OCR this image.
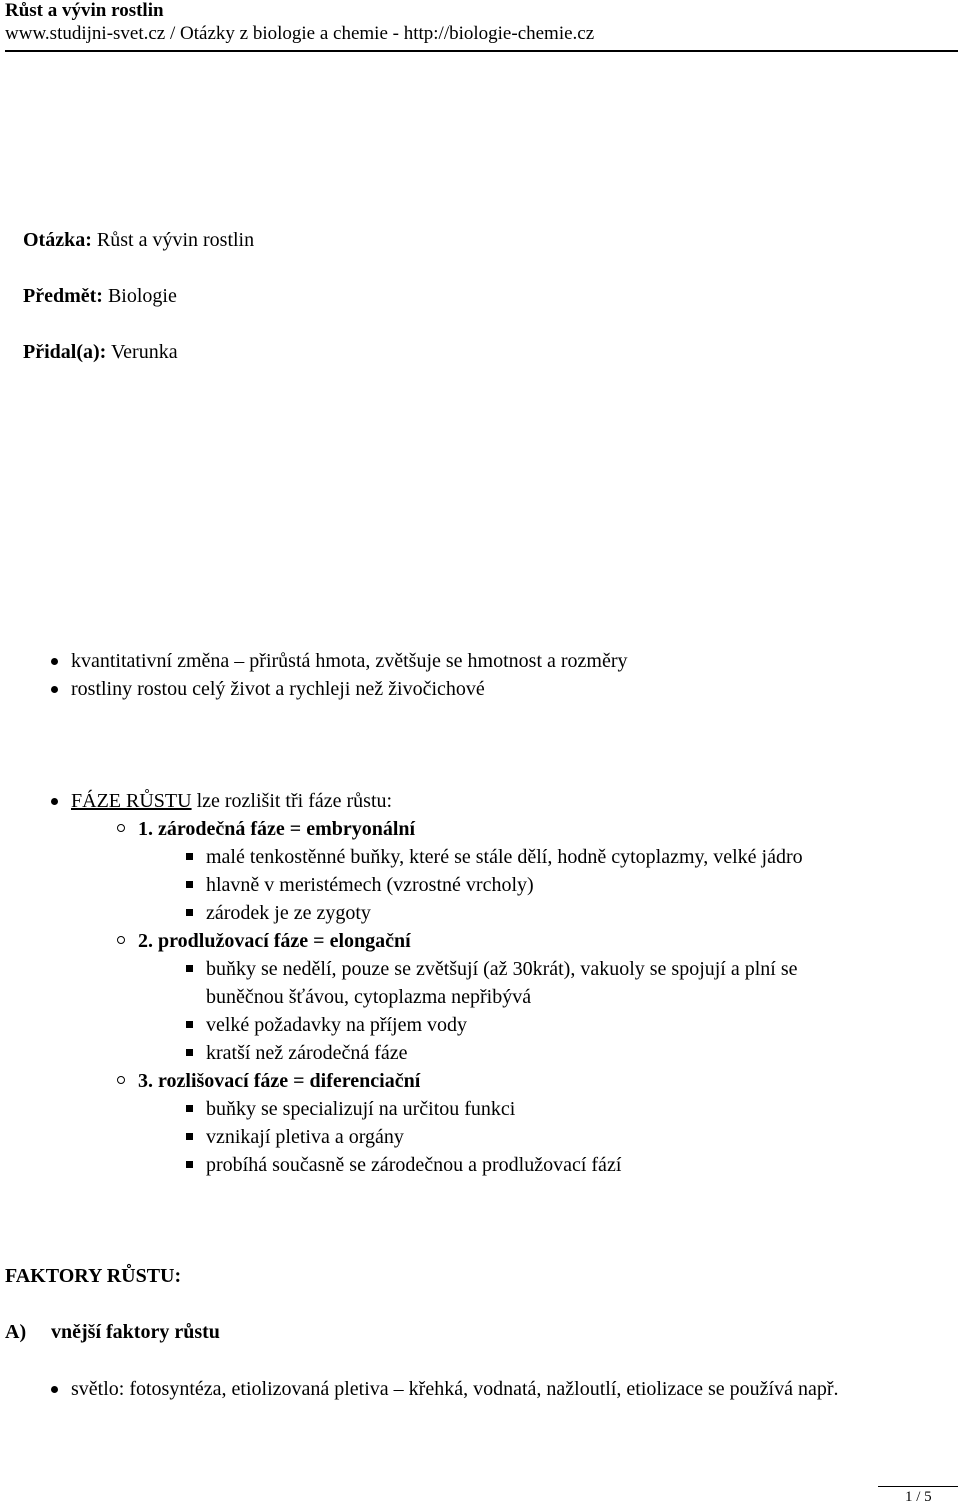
Růst a vývin rostlin
www.studijni-svet.cz / Otázky z biologie a chemie - http://biologie-chemie.cz
Otázka: Růst a vývin rostlin
Předmět: Biologie
Přidal(a): Verunka
kvantitativní změna – přirůstá hmota, zvětšuje se hmotnost a rozměry
rostliny rostou celý život a rychleji než živočichové
FÁZE RŮSTU lze rozlišit tři fáze růstu:
1. zárodečná fáze = embryonální
malé tenkostěnné buňky, které se stále dělí, hodně cytoplazmy, velké jádro
hlavně v meristémech (vzrostné vrcholy)
zárodek je ze zygoty
2. prodlužovací fáze = elongační
buňky se nedělí, pouze se zvětšují (až 30krát), vakuoly se spojují a plní se
buněčnou šťávou, cytoplazma nepřibývá
velké požadavky na příjem vody
kratší než zárodečná fáze
3. rozlišovací fáze = diferenciační
buňky se specializují na určitou funkci
vznikají pletiva a orgány
probíhá současně se zárodečnou a prodlužovací fází
FAKTORY RŮSTU:
A) vnější faktory růstu
světlo: fotosyntéza, etiolizovaná pletiva – křehká, vodnatá, nažloutlí, etiolizace se používá např.
1 / 5
